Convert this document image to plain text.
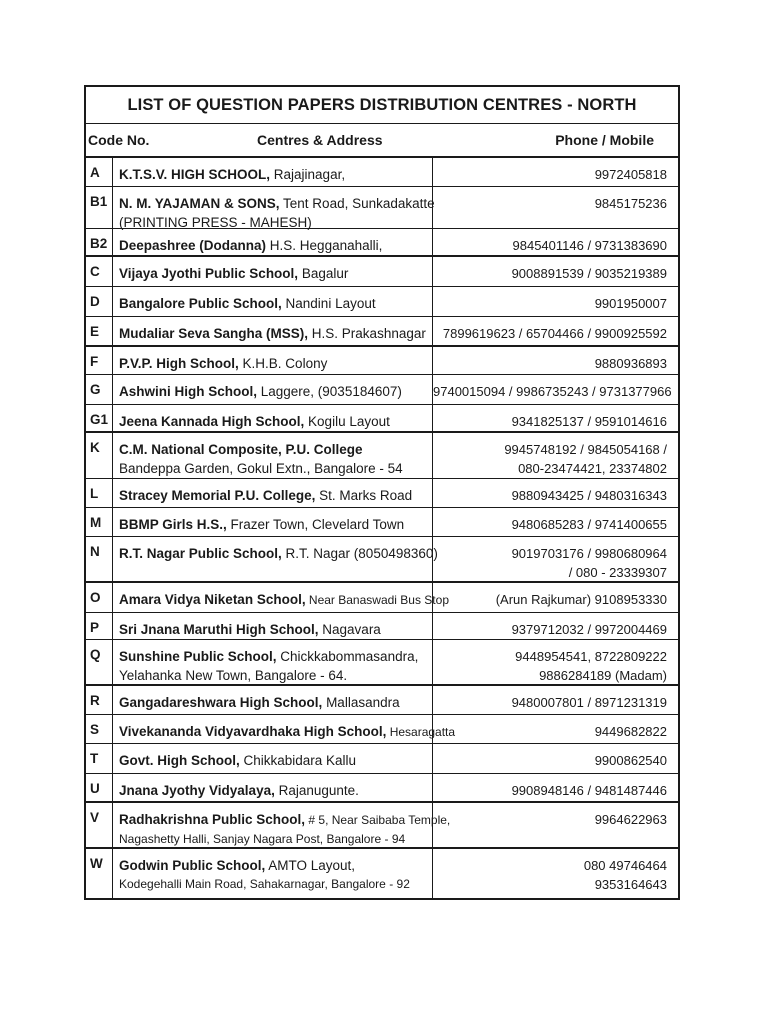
LIST OF QUESTION PAPERS DISTRIBUTION CENTRES - NORTH
Code No.	Centres & Address	Phone / Mobile
A	K.T.S.V. HIGH SCHOOL, Rajajinagar,	9972405818
B1 N. M. YAJAMAN & SONS, Tent Road, Sunkadakatte
(PRINTING PRESS - MAHESH)
9845175236
B2 Deepashree (Dodanna) H.S. Hegganahalli,	9845401146 / 9731383690
C	Vijaya Jyothi Public School, Bagalur	9008891539 / 9035219389
D	Bangalore Public School, Nandini Layout	9901950007
E	Mudaliar Seva Sangha (MSS), H.S. Prakashnagar	7899619623 / 65704466 / 9900925592
F	P.V.P. High School, K.H.B. Colony	9880936893
G	Ashwini High School, Laggere, (9035184607)	9740015094 / 9986735243 / 9731377966
G1 Jeena Kannada High School, Kogilu Layout	9341825137 / 9591014616
K	C.M. National Composite, P.U. College
Bandeppa Garden, Gokul Extn., Bangalore - 54
9945748192 / 9845054168 /
080-23474421, 23374802
L	Stracey Memorial P.U. College, St. Marks Road	9880943425 / 9480316343
M	BBMP Girls H.S., Frazer Town, Clevelard Town	9480685283 / 9741400655
N	R.T. Nagar Public School, R.T. Nagar (8050498360)	9019703176 / 9980680964
/ 080 - 23339307
O	Amara Vidya Niketan School, Near Banaswadi Bus Stop	(Arun Rajkumar) 9108953330
P	Sri Jnana Maruthi High School, Nagavara	9379712032 / 9972004469
Q	Sunshine Public School, Chickkabommasandra,
Yelahanka New Town, Bangalore - 64.
9448954541, 8722809222
9886284189 (Madam)
R	Gangadareshwara High School, Mallasandra	9480007801 / 8971231319
S	Vivekananda Vidyavardhaka High School, Hesaragatta	9449682822
T	Govt. High School, Chikkabidara Kallu	9900862540
U	Jnana Jyothy Vidyalaya, Rajanugunte.	9908948146 / 9481487446
V	Radhakrishna Public School, # 5, Near Saibaba Temple,
Nagashetty Halli, Sanjay Nagara Post, Bangalore - 94
9964622963
W	Godwin Public School, AMTO Layout,
Kodegehalli Main Road, Sahakarnagar, Bangalore - 92
080 49746464
9353164643
